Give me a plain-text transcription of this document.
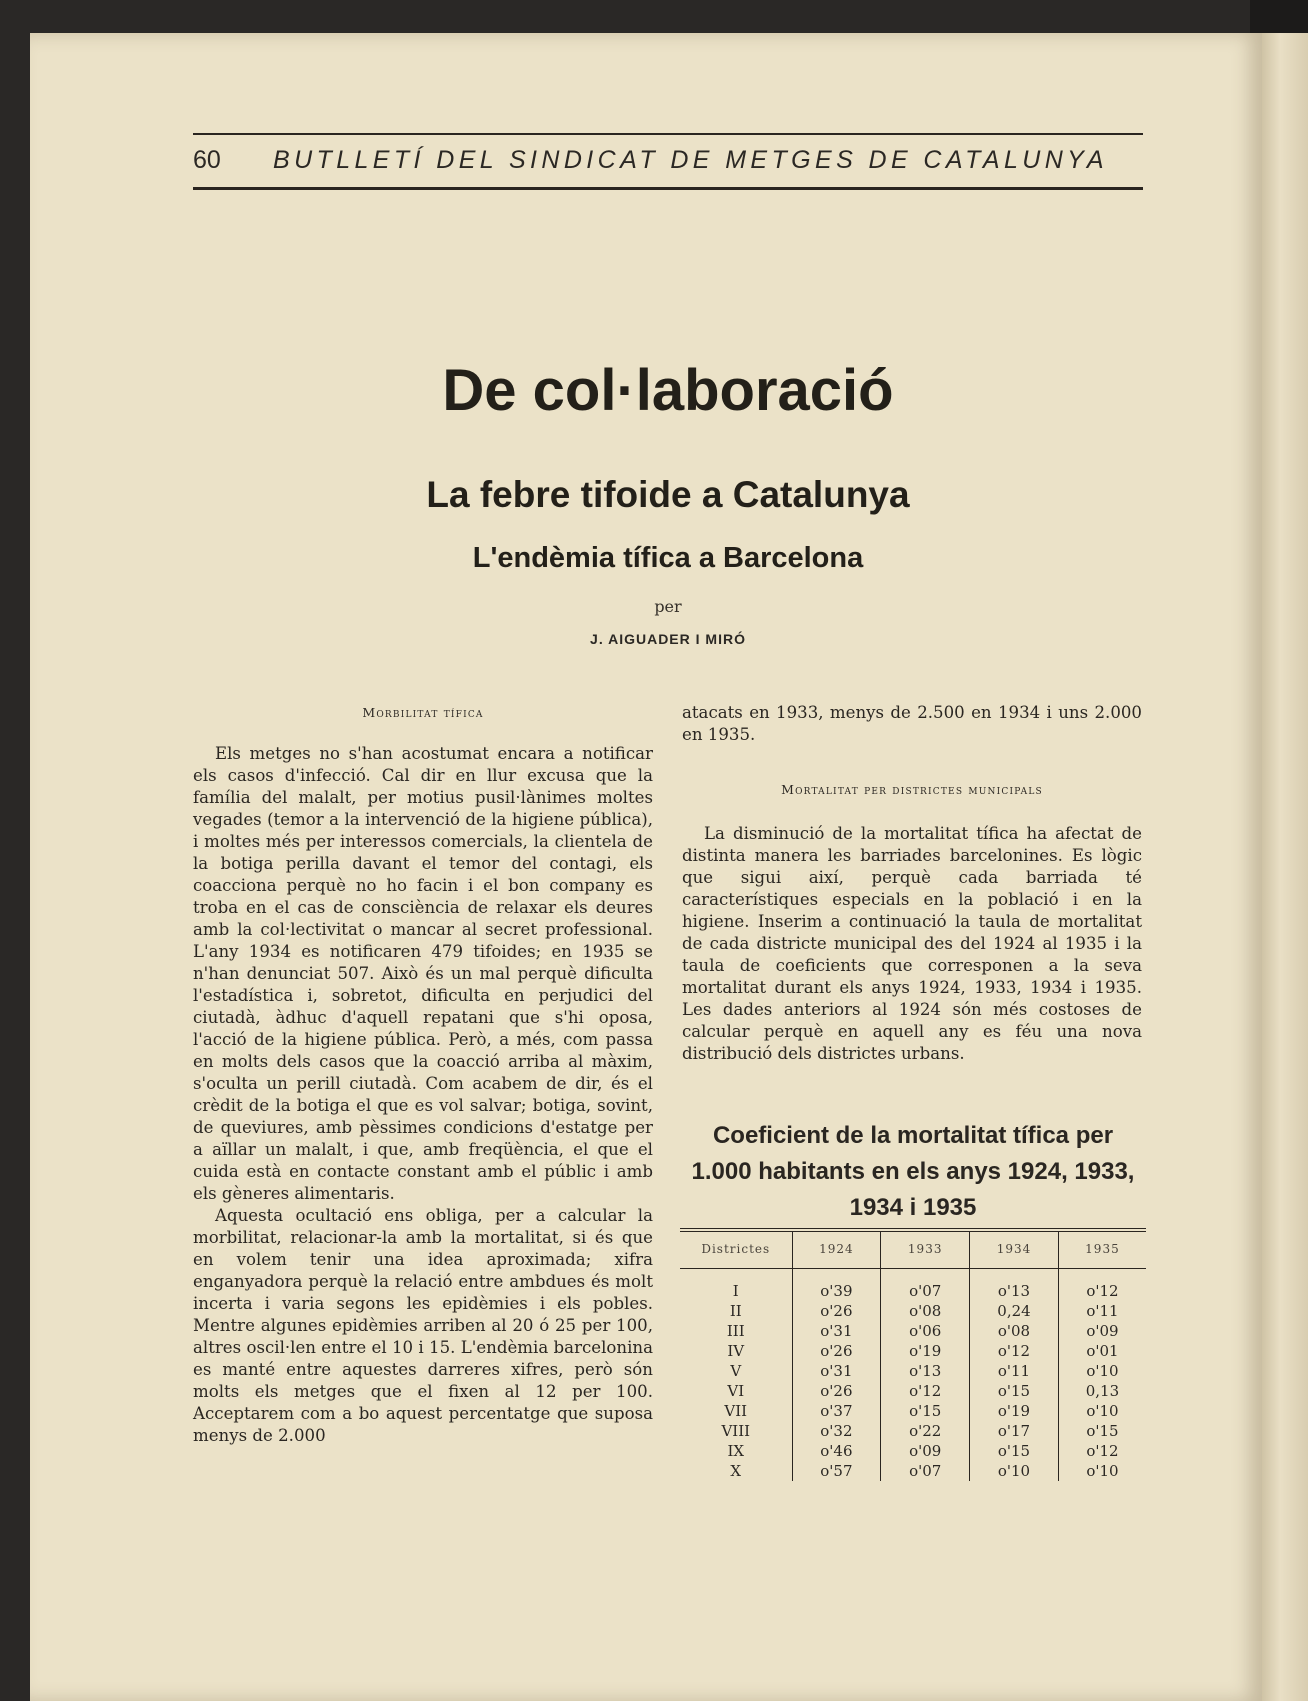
60 BUTLLETÍ DEL SINDICAT DE METGES DE CATALUNYA
De col·laboració
La febre tifoide a Catalunya
L'endèmia tífica a Barcelona
per
J. AIGUADER I MIRÓ
Morbilitat tífica

Els metges no s'han acostumat encara a notificar els casos d'infecció. Cal dir en llur excusa que la família del malalt, per motius pusil·lànimes moltes vegades (temor a la intervenció de la higiene pública), i moltes més per interessos comercials, la clientela de la botiga perilla davant el temor del contagi, els coacciona perquè no ho facin i el bon company es troba en el cas de consciència de relaxar els deures amb la col·lectivitat o mancar al secret professional. L'any 1934 es notificaren 479 tifoides; en 1935 se n'han denunciat 507. Això és un mal perquè dificulta l'estadística i, sobretot, dificulta en perjudici del ciutadà, àdhuc d'aquell repatani que s'hi oposa, l'acció de la higiene pública. Però, a més, com passa en molts dels casos que la coacció arriba al màxim, s'oculta un perill ciutadà. Com acabem de dir, és el crèdit de la botiga el que es vol salvar; botiga, sovint, de queviures, amb pèssimes condicions d'estatge per a aïllar un malalt, i que, amb freqüència, el que el cuida està en contacte constant amb el públic i amb els gèneres alimentaris.

Aquesta ocultació ens obliga, per a calcular la morbilitat, relacionar-la amb la mortalitat, si és que en volem tenir una idea aproximada; xifra enganyadora perquè la relació entre ambdues és molt incerta i varia segons les epidèmies i els pobles. Mentre algunes epidèmies arriben al 20 ó 25 per 100, altres oscil·len entre el 10 i 15. L'endèmia barcelonina es manté entre aquestes darreres xifres, però són molts els metges que el fixen al 12 per 100. Acceptarem com a bo aquest percentatge que suposa menys de 2.000

atacats en 1933, menys de 2.500 en 1934 i uns 2.000 en 1935.

Mortalitat per districtes municipals

La disminució de la mortalitat tífica ha afectat de distinta manera les barriades barcelonines. Es lògic que sigui així, perquè cada barriada té característiques especials en la població i en la higiene. Inserim a continuació la taula de mortalitat de cada districte municipal des del 1924 al 1935 i la taula de coeficients que corresponen a la seva mortalitat durant els anys 1924, 1933, 1934 i 1935. Les dades anteriors al 1924 són més costoses de calcular perquè en aquell any es féu una nova distribució dels districtes urbans.

Coeficient de la mortalitat tífica per 1.000 habitants en els anys 1924, 1933, 1934 i 1935
Districtes	1924	1933	1934	1935
I	o'39	o'07	o'13	o'12
II	o'26	o'08	0,24	o'11
III	o'31	o'06	o'08	o'09
IV	o'26	o'19	o'12	o'01
V	o'31	o'13	o'11	o'10
VI	o'26	o'12	o'15	0,13
VII	o'37	o'15	o'19	o'10
VIII	o'32	o'22	o'17	o'15
IX	o'46	o'09	o'15	o'12
X	o'57	o'07	o'10	o'10
